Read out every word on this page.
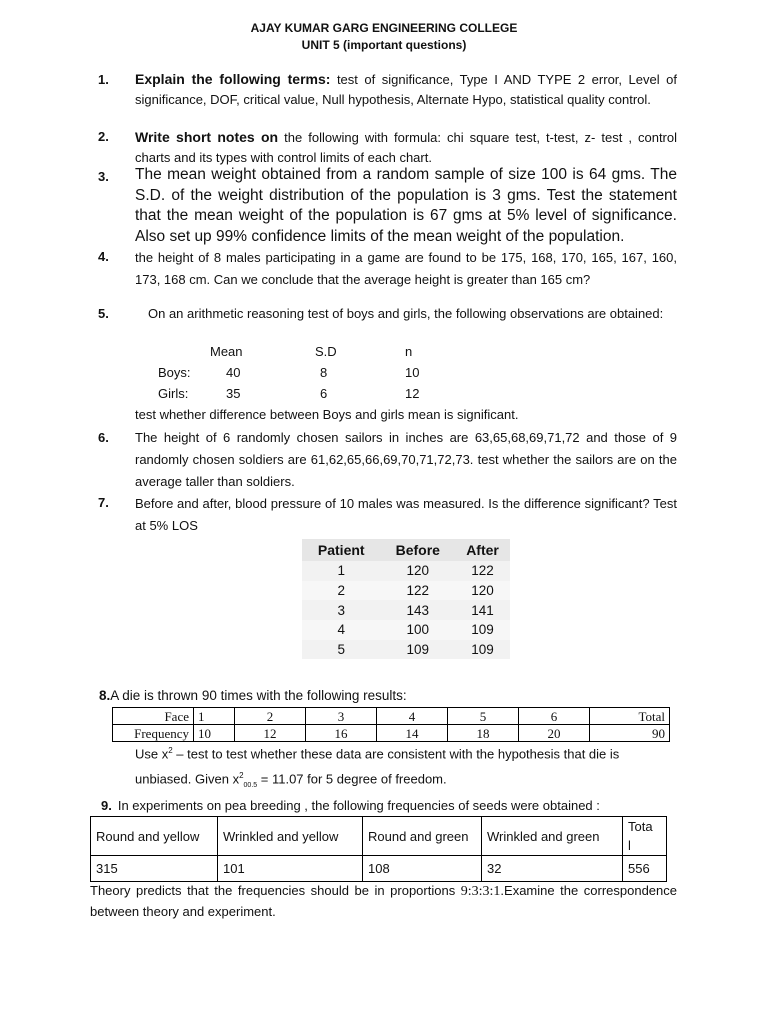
AJAY KUMAR GARG ENGINEERING COLLEGE
UNIT 5 (important questions)
1. Explain the following terms: test of significance, Type I AND TYPE 2 error, Level of significance, DOF, critical value, Null hypothesis, Alternate Hypo, statistical quality control.
2. Write short notes on the following with formula: chi square test, t-test, z- test , control charts and its types with control limits of each chart.
3. The mean weight obtained from a random sample of size 100 is 64 gms. The S.D. of the weight distribution of the population is 3 gms. Test the statement that the mean weight of the population is 67 gms at 5% level of significance. Also set up 99% confidence limits of the mean weight of the population.
4. the height of 8 males participating in a game are found to be 175, 168, 170, 165, 167, 160, 173, 168 cm. Can we conclude that the average height is greater than 165 cm?
5.	On an arithmetic reasoning test of boys and girls, the following observations are obtained:
	Mean	S.D	n
Boys:	40	8	10
Girls:	35	6	12
test whether difference between Boys and girls mean is significant.
6. The height of 6 randomly chosen sailors in inches are 63,65,68,69,71,72 and those of 9 randomly chosen soldiers are 61,62,65,66,69,70,71,72,73. test whether the sailors are on the average taller than soldiers.
7. Before and after, blood pressure of 10 males was measured. Is the difference significant? Test at 5% LOS
Patient	Before	After
1	120	122
2	122	120
3	143	141
4	100	109
5	109	109
8.A die is thrown 90 times with the following results:
Face	1	2	3	4	5	6	Total
Frequency	10	12	16	14	18	20	90
Use $x^2$ – test to test whether these data are consistent with the hypothesis that die is
unbiased. Given $x^2_{00.5} = 11.07$ for 5 degree of freedom.
9. In experiments on pea breeding , the following frequencies of seeds were obtained :
Round and yellow	Wrinkled and yellow	Round and green	Wrinkled and green	Tota
l
315	101	108	32	556
Theory predicts that the frequencies should be in proportions 9:3:3:1.Examine the correspondence between theory and experiment.
